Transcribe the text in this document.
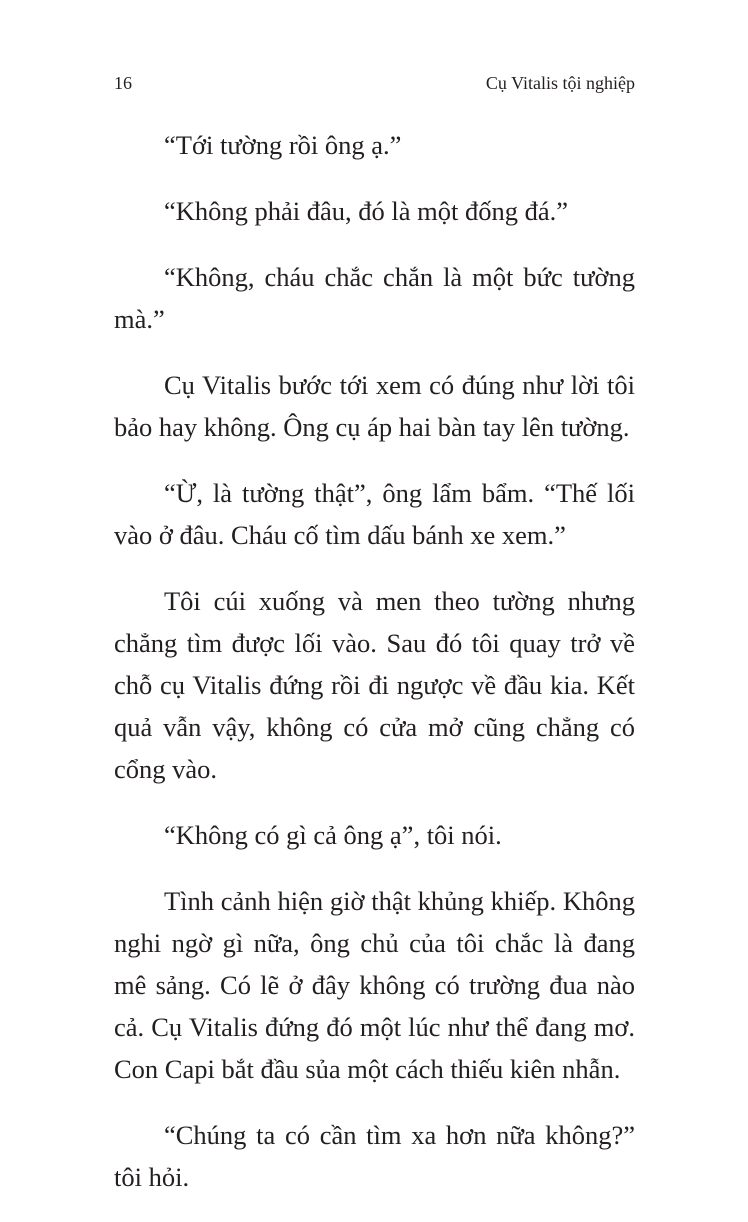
16	Cụ Vitalis tội nghiệp

“Tới tường rồi ông ạ.”

“Không phải đâu, đó là một đống đá.”

“Không, cháu chắc chắn là một bức tường mà.”

Cụ Vitalis bước tới xem có đúng như lời tôi bảo hay không. Ông cụ áp hai bàn tay lên tường.

“Ừ, là tường thật”, ông lẩm bẩm. “Thế lối vào ở đâu. Cháu cố tìm dấu bánh xe xem.”

Tôi cúi xuống và men theo tường nhưng chẳng tìm được lối vào. Sau đó tôi quay trở về chỗ cụ Vitalis đứng rồi đi ngược về đầu kia. Kết quả vẫn vậy, không có cửa mở cũng chẳng có cổng vào.

“Không có gì cả ông ạ”, tôi nói.

Tình cảnh hiện giờ thật khủng khiếp. Không nghi ngờ gì nữa, ông chủ của tôi chắc là đang mê sảng. Có lẽ ở đây không có trường đua nào cả. Cụ Vitalis đứng đó một lúc như thể đang mơ. Con Capi bắt đầu sủa một cách thiếu kiên nhẫn.

“Chúng ta có cần tìm xa hơn nữa không?” tôi hỏi.
